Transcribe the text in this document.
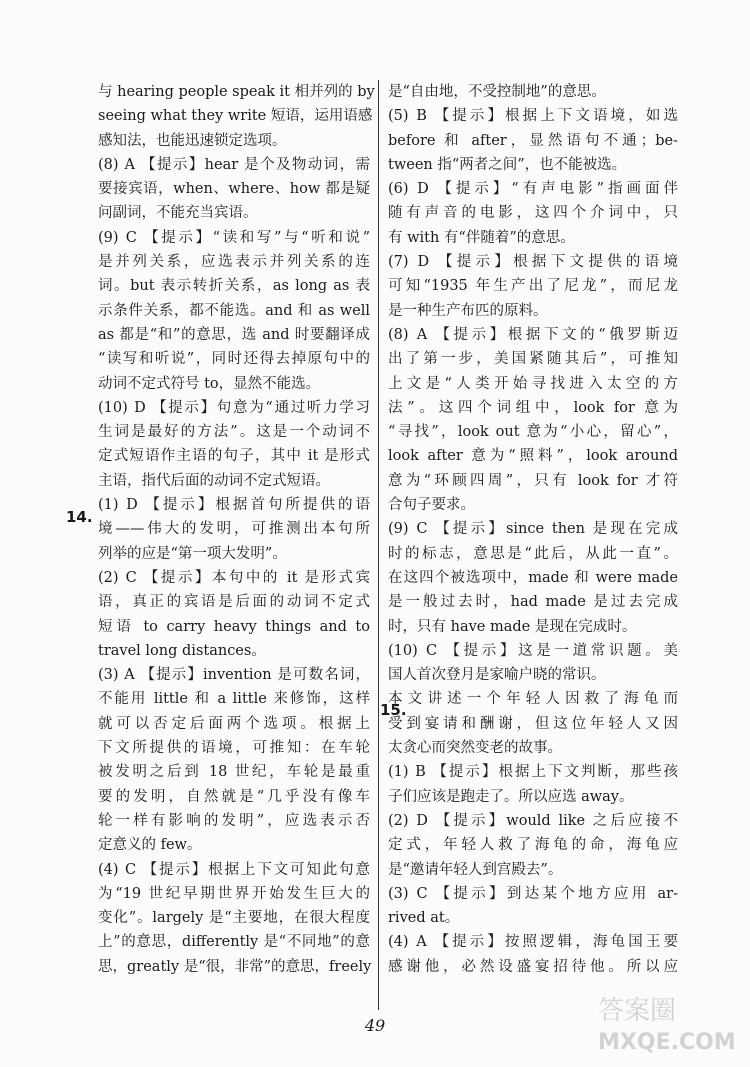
14.
15.
与 hearing people speak it 相并列的 by
seeing what they write 短语，运用语感
感知法，也能迅速锁定选项。
(8) A 【提示】hear 是个及物动词，需
要接宾语，when、where、how 都是疑
问副词，不能充当宾语。
(9) C 【提示】“读和写”与“听和说”
是并列关系，应选表示并列关系的连
词。but 表示转折关系，as long as 表
示条件关系，都不能选。and 和 as well
as 都是“和”的意思，选 and 时要翻译成
“读写和听说”，同时还得去掉原句中的
动词不定式符号 to，显然不能选。
(10) D 【提示】句意为“通过听力学习
生词是最好的方法”。这是一个动词不
定式短语作主语的句子，其中 it 是形式
主语，指代后面的动词不定式短语。
(1) D 【提示】根据首句所提供的语
境——伟大的发明，可推测出本句所
列举的应是“第一项大发明”。
(2) C 【提示】本句中的 it 是形式宾
语，真正的宾语是后面的动词不定式
短语 to carry heavy things and to
travel long distances。
(3) A 【提示】invention 是可数名词，
不能用 little 和 a little 来修饰，这样
就可以否定后面两个选项。根据上
下文所提供的语境，可推知：在车轮
被发明之后到 18 世纪，车轮是最重
要的发明，自然就是“几乎没有像车
轮一样有影响的发明”，应选表示否
定意义的 few。
(4) C 【提示】根据上下文可知此句意
为“19 世纪早期世界开始发生巨大的
变化”。largely 是“主要地，在很大程度
上”的意思，differently 是“不同地”的意
思，greatly 是“很，非常”的意思，freely
是“自由地，不受控制地”的意思。
(5) B 【提示】根据上下文语境，如选
before 和 after，显然语句不通；be-
tween 指“两者之间”，也不能被选。
(6) D 【提示】“有声电影”指画面伴
随有声音的电影，这四个介词中，只
有 with 有“伴随着”的意思。
(7) D 【提示】根据下文提供的语境
可知“1935 年生产出了尼龙”，而尼龙
是一种生产布匹的原料。
(8) A 【提示】根据下文的“俄罗斯迈
出了第一步，美国紧随其后”，可推知
上文是“人类开始寻找进入太空的方
法”。这四个词组中，look for 意为
“寻找”，look out 意为“小心，留心”，
look after 意为“照料”，look around
意为“环顾四周”，只有 look for 才符
合句子要求。
(9) C 【提示】since then 是现在完成
时的标志，意思是“此后，从此一直”。
在这四个被选项中，made 和 were made
是一般过去时，had made 是过去完成
时，只有 have made 是现在完成时。
(10) C 【提示】这是一道常识题。美
国人首次登月是家喻户晓的常识。
本文讲述一个年轻人因救了海龟而
受到宴请和酬谢，但这位年轻人又因
太贪心而突然变老的故事。
(1) B 【提示】根据上下文判断，那些孩
子们应该是跑走了。所以应选 away。
(2) D 【提示】would like 之后应接不
定式，年轻人救了海龟的命，海龟应
是“邀请年轻人到宫殿去”。
(3) C 【提示】到达某个地方应用 ar-
rived at。
(4) A 【提示】按照逻辑，海龟国王要
感谢他，必然设盛宴招待他。所以应
49	答案圈
MXQE.COM
